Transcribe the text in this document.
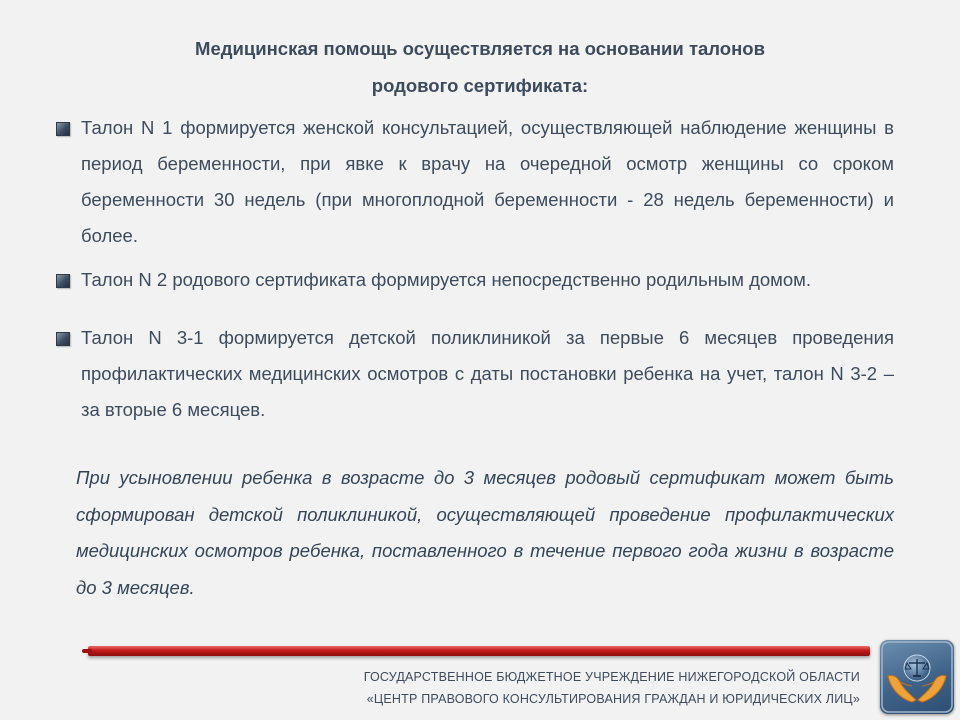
Медицинская помощь осуществляется на основании талонов
родового сертификата:
Талон N 1 формируется женской консультацией, осуществляющей наблюдение женщины в период беременности, при явке к врачу на очередной осмотр женщины со сроком беременности 30 недель (при многоплодной беременности - 28 недель беременности) и более.
Талон N 2 родового сертификата формируется непосредственно родильным домом.
Талон N 3-1 формируется детской поликлиникой за первые 6 месяцев проведения профилактических медицинских осмотров с даты постановки ребенка на учет, талон N 3-2 – за вторые 6 месяцев.
При усыновлении ребенка в возрасте до 3 месяцев родовый сертификат может быть сформирован детской поликлиникой, осуществляющей проведение профилактических медицинских осмотров ребенка, поставленного в течение первого года жизни в возрасте до 3 месяцев.
ГОСУДАРСТВЕННОЕ БЮДЖЕТНОЕ УЧРЕЖДЕНИЕ НИЖЕГОРОДСКОЙ ОБЛАСТИ
«ЦЕНТР ПРАВОВОГО КОНСУЛЬТИРОВАНИЯ ГРАЖДАН И ЮРИДИЧЕСКИХ ЛИЦ»
